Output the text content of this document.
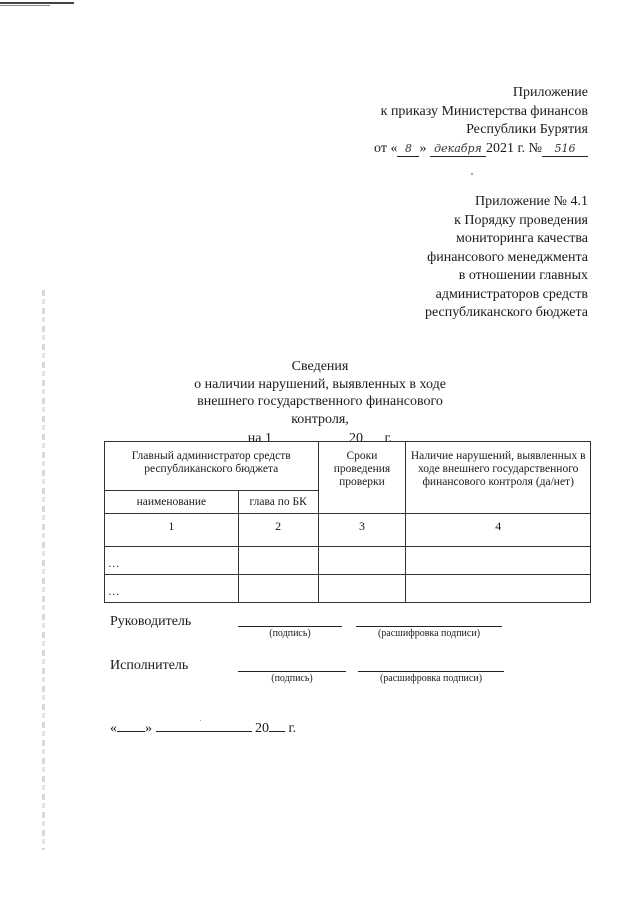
Приложение
к приказу Министерства финансов
Республики Бурятия
от « 8 » декабря 2021 г. № 516
Приложение № 4.1
к Порядку проведения
мониторинга качества
финансового менеджмента
в отношении главных
администраторов средств
республиканского бюджета
Сведения
о наличии нарушений, выявленных в ходе
внешнего государственного финансового контроля,
на 1	20 г.
Главный администратор средств республиканского бюджета		Сроки проведения проверки	Наличие нарушений, выявленных в ходе внешнего государственного финансового контроля (да/нет)
наименование	глава по БК		
1	2	3	4
…			
…			
Руководитель
(подпись)	(расшифровка подписи)
Исполнитель
(подпись)	(расшифровка подписи)
« »	20 г.
